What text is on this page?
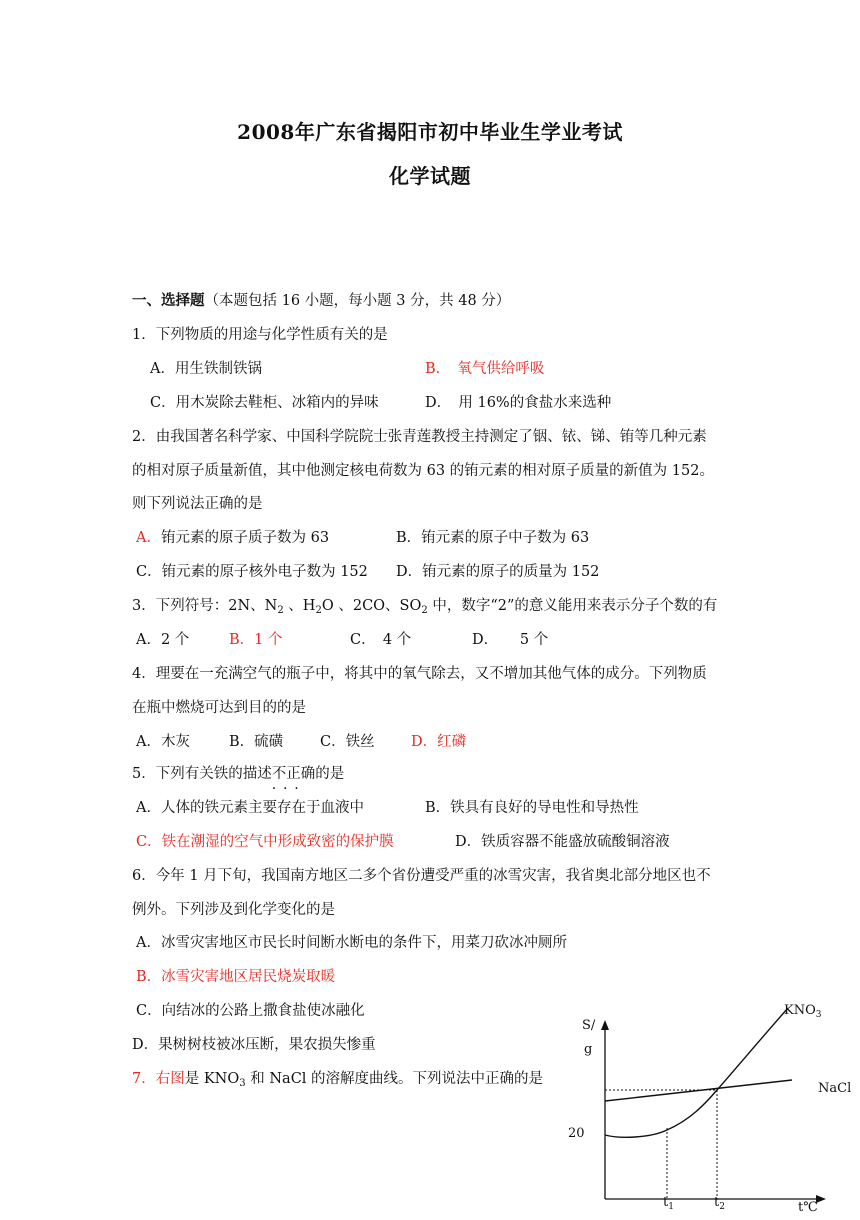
2008年广东省揭阳市初中毕业生学业考试
化学试题
一、选择题（本题包括 16 小题，每小题 3 分，共 48 分）
1．下列物质的用途与化学性质有关的是
A．用生铁制铁锅	B．　氧气供给呼吸
C．用木炭除去鞋柜、冰箱内的异味	D．　用 16%的食盐水来选种
2．由我国著名科学家、中国科学院院士张青莲教授主持测定了铟、铱、锑、铕等几种元素
的相对原子质量新值，其中他测定核电荷数为 63 的铕元素的相对原子质量的新值为 152。
则下列说法正确的是
A．铕元素的原子质子数为 63	B．铕元素的原子中子数为 63
C．铕元素的原子核外电子数为 152 D．铕元素的原子的质量为 152
3．下列符号：2N、$N_2$ 、$H_2O$ 、2CO、$SO_2$ 中，数字“2”的意义能用来表示分子个数的有
A．2 个	B．1 个	C．　4 个	D．　　5 个
4．理要在一充满空气的瓶子中，将其中的氧气除去，又不增加其他气体的成分。下列物质
在瓶中燃烧可达到目的的是
A．木灰	B．硫磺	C．铁丝	D．红磷
5．下列有关铁的描述不正确 · · ·的是
A．人体的铁元素主要存在于血液中	B．铁具有良好的导电性和导热性
C．铁在潮湿的空气中形成致密的保护膜	D．铁质容器不能盛放硫酸铜溶液
6．今年 1 月下旬，我国南方地区二多个省份遭受严重的冰雪灾害，我省奥北部分地区也不
例外。下列涉及到化学变化的是
A．冰雪灾害地区市民长时间断水断电的条件下，用菜刀砍冰冲厕所
B．冰雪灾害地区居民烧炭取暖
C．向结冰的公路上撒食盐使冰融化
D．果树树枝被冰压断，果农损失惨重
7．右图是 $KNO_3$ 和 NaCl 的溶解度曲线。下列说法中正确的是
S/
g
20
t℃
$t_1$	$t_2$
$KNO_3$
NaCl
